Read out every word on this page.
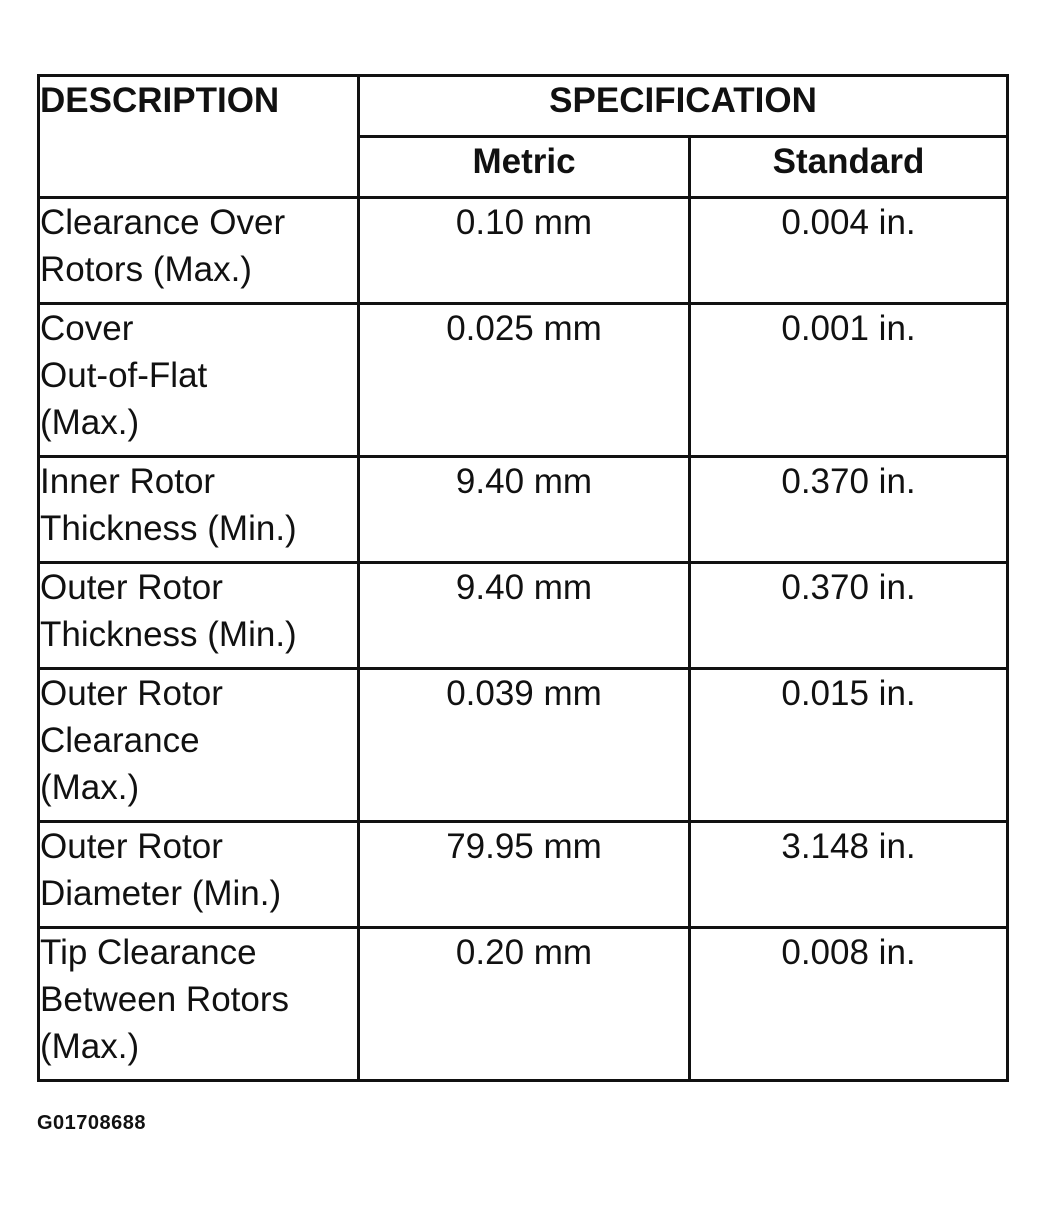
DESCRIPTION	SPECIFICATION	
	Metric	Standard
Clearance Over
Rotors (Max.)	0.10 mm	0.004 in.
Cover
Out-of-Flat
(Max.)	0.025 mm	0.001 in.
Inner Rotor
Thickness (Min.)	9.40 mm	0.370 in.
Outer Rotor
Thickness (Min.)	9.40 mm	0.370 in.
Outer Rotor
Clearance
(Max.)	0.039 mm	0.015 in.
Outer Rotor
Diameter (Min.)	79.95 mm	3.148 in.
Tip Clearance
Between Rotors
(Max.)	0.20 mm	0.008 in.
G01708688
